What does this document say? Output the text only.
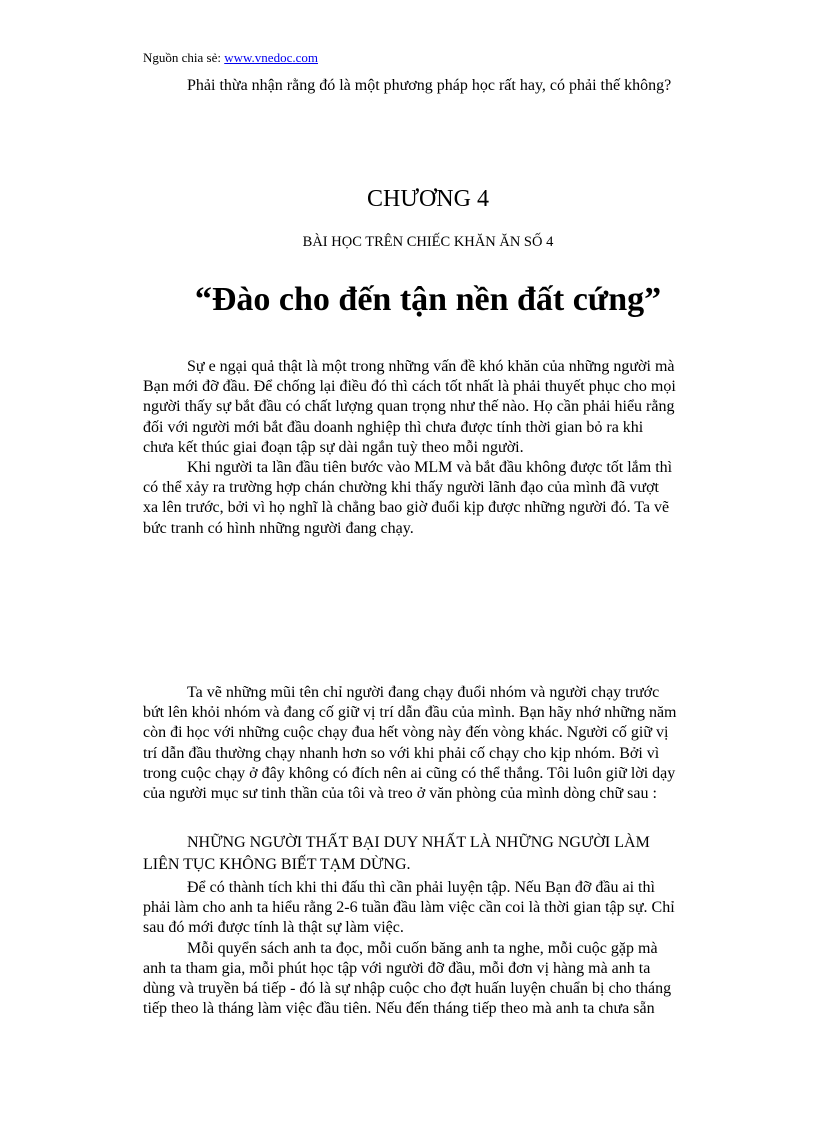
Nguồn chia sẻ: www.vnedoc.com
Phải thừa nhận rằng đó là một phương pháp học rất hay, có phải thế không?
CHƯƠNG 4
BÀI HỌC TRÊN CHIẾC KHĂN ĂN SỐ 4
“Đào cho đến tận nền đất cứng”
Sự e ngại quả thật là một trong những vấn đề khó khăn của những người mà
Bạn mới đỡ đầu. Để chống lại điều đó thì cách tốt nhất là phải thuyết phục cho mọi
người thấy sự bắt đầu có chất lượng quan trọng như thế nào. Họ cần phải hiểu rằng
đối với người mới bắt đầu doanh nghiệp thì chưa được tính thời gian bỏ ra khi
chưa kết thúc giai đoạn tập sự dài ngắn tuỳ theo mỗi người.
Khi người ta lần đầu tiên bước vào MLM và bắt đầu không được tốt lắm thì
có thể xảy ra trường hợp chán chường khi thấy người lãnh đạo của mình đã vượt
xa lên trước, bởi vì họ nghĩ là chẳng bao giờ đuổi kịp được những người đó. Ta vẽ
bức tranh có hình những người đang chạy.
Ta vẽ những mũi tên chỉ người đang chạy đuổi nhóm và người chạy trước
bứt lên khỏi nhóm và đang cố giữ vị trí dẫn đầu của mình. Bạn hãy nhớ những năm
còn đi học với những cuộc chạy đua hết vòng này đến vòng khác. Người cố giữ vị
trí dẫn đầu thường chạy nhanh hơn so với khi phải cố chạy cho kịp nhóm. Bởi vì
trong cuộc chạy ở đây không có đích nên ai cũng có thể thắng. Tôi luôn giữ lời dạy
của người mục sư tinh thần của tôi và treo ở văn phòng của mình dòng chữ sau :
NHỮNG NGƯỜI THẤT BẠI DUY NHẤT LÀ NHỮNG NGƯỜI LÀM
LIÊN TỤC KHÔNG BIẾT TẠM DỪNG.
Để có thành tích khi thi đấu thì cần phải luyện tập. Nếu Bạn đỡ đầu ai thì
phải làm cho anh ta hiểu rằng 2-6 tuần đầu làm việc cần coi là thời gian tập sự. Chỉ
sau đó mới được tính là thật sự làm việc.
Mỗi quyển sách anh ta đọc, mỗi cuốn băng anh ta nghe, mỗi cuộc gặp mà
anh ta tham gia, mỗi phút học tập với người đỡ đầu, mỗi đơn vị hàng mà anh ta
dùng và truyền bá tiếp - đó là sự nhập cuộc cho đợt huấn luyện chuẩn bị cho tháng
tiếp theo là tháng làm việc đầu tiên. Nếu đến tháng tiếp theo mà anh ta chưa sẵn
